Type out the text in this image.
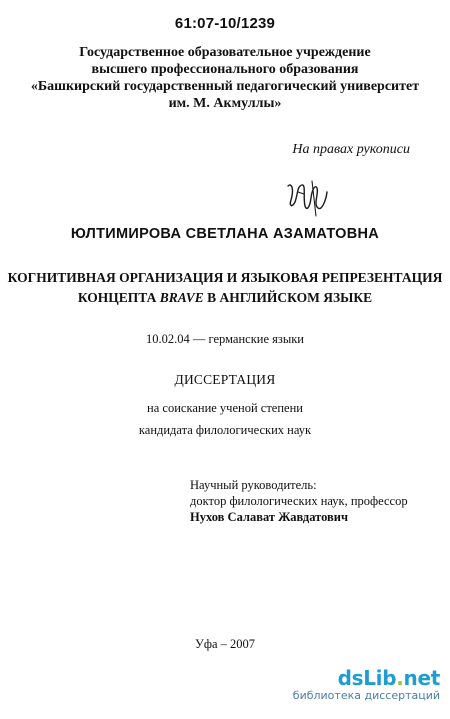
61:07-10/1239
Государственное образовательное учреждение
высшего профессионального образования
«Башкирский государственный педагогический университет
им. М. Акмуллы»
На правах рукописи
ЮЛТИМИРОВА СВЕТЛАНА АЗАМАТОВНА
КОГНИТИВНАЯ ОРГАНИЗАЦИЯ И ЯЗЫКОВАЯ РЕПРЕЗЕНТАЦИЯ
КОНЦЕПТА BRAVE В АНГЛИЙСКОМ ЯЗЫКЕ
10.02.04 — германские языки
ДИССЕРТАЦИЯ
на соискание ученой степени
кандидата филологических наук
Научный руководитель:
доктор филологических наук, профессор
Нухов Салават Жавдатович
Уфа – 2007
dsLib.net
библиотека диссертаций
